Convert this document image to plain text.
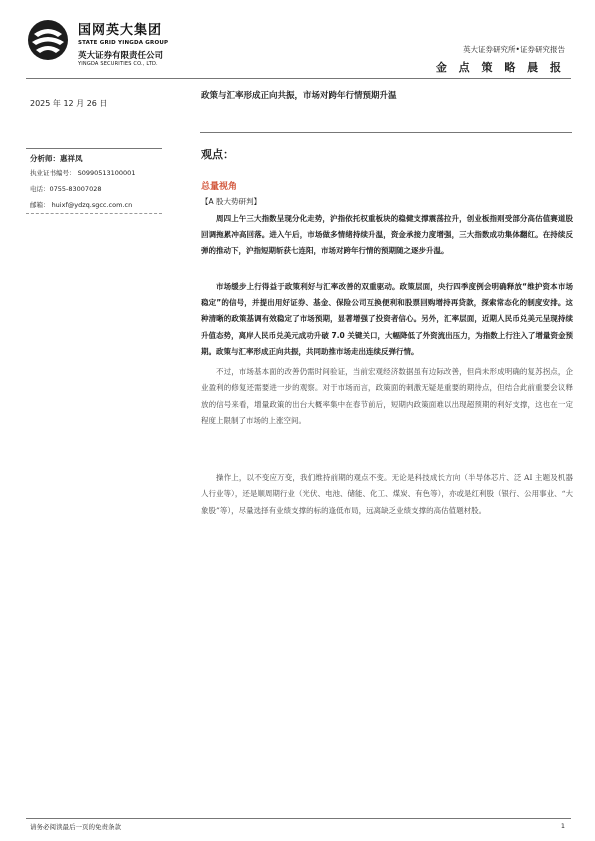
国网英大集团
STATE GRID YINGDA GROUP
英大证券有限责任公司
YINGDA SECURITIES CO., LTD.
英大证券研究所•证券研究报告
金 点 策 略 晨 报
2025 年 12 月 26 日
政策与汇率形成正向共振，市场对跨年行情预期升温
分析师：惠祥凤
执业证书编号： S0990513100001
电话：0755-83007028
邮箱： huixf@ydzq.sgcc.com.cn
观点：
总量视角
【A 股大势研判】

周四上午三大指数呈现分化走势，沪指依托权重板块的稳健支撑震荡拉升，创业板指则受部分高估值赛道股回调拖累冲高回落。进入午后，市场做多情绪持续升温，资金承接力度增强，三大指数成功集体翻红。在持续反弹的推动下，沪指短期斩获七连阳，市场对跨年行情的预期随之逐步升温。

市场缓步上行得益于政策利好与汇率改善的双重驱动。政策层面，央行四季度例会明确释放“维护资本市场稳定”的信号，并提出用好证券、基金、保险公司互换便利和股票回购增持再贷款，探索常态化的制度安排。这种清晰的政策基调有效稳定了市场预期，显著增强了投资者信心。另外，汇率层面，近期人民币兑美元呈现持续升值态势，离岸人民币兑美元成功升破 7.0 关键关口，大幅降低了外资流出压力，为指数上行注入了增量资金预期。政策与汇率形成正向共振，共同助推市场走出连续反弹行情。

不过，市场基本面的改善仍需时间验证，当前宏观经济数据虽有边际改善，但尚未形成明确的复苏拐点，企业盈利的修复还需要进一步的观察。对于市场而言，政策面的刺激无疑是重要的期待点，但结合此前重要会议释放的信号来看，增量政策的出台大概率集中在春节前后，短期内政策面难以出现超预期的利好支撑，这也在一定程度上限制了市场的上涨空间。

操作上，以不变应万变，我们维持前期的观点不变。无论是科技成长方向（半导体芯片、泛 AI 主题及机器人行业等），还是顺周期行业（光伏、电池、储能、化工、煤炭、有色等），亦或是红利股（银行、公用事业、“大象股”等），尽量选择有业绩支撑的标的逢低布局，远离缺乏业绩支撑的高估值题材股。

请务必阅读最后一页的免责条款	1
